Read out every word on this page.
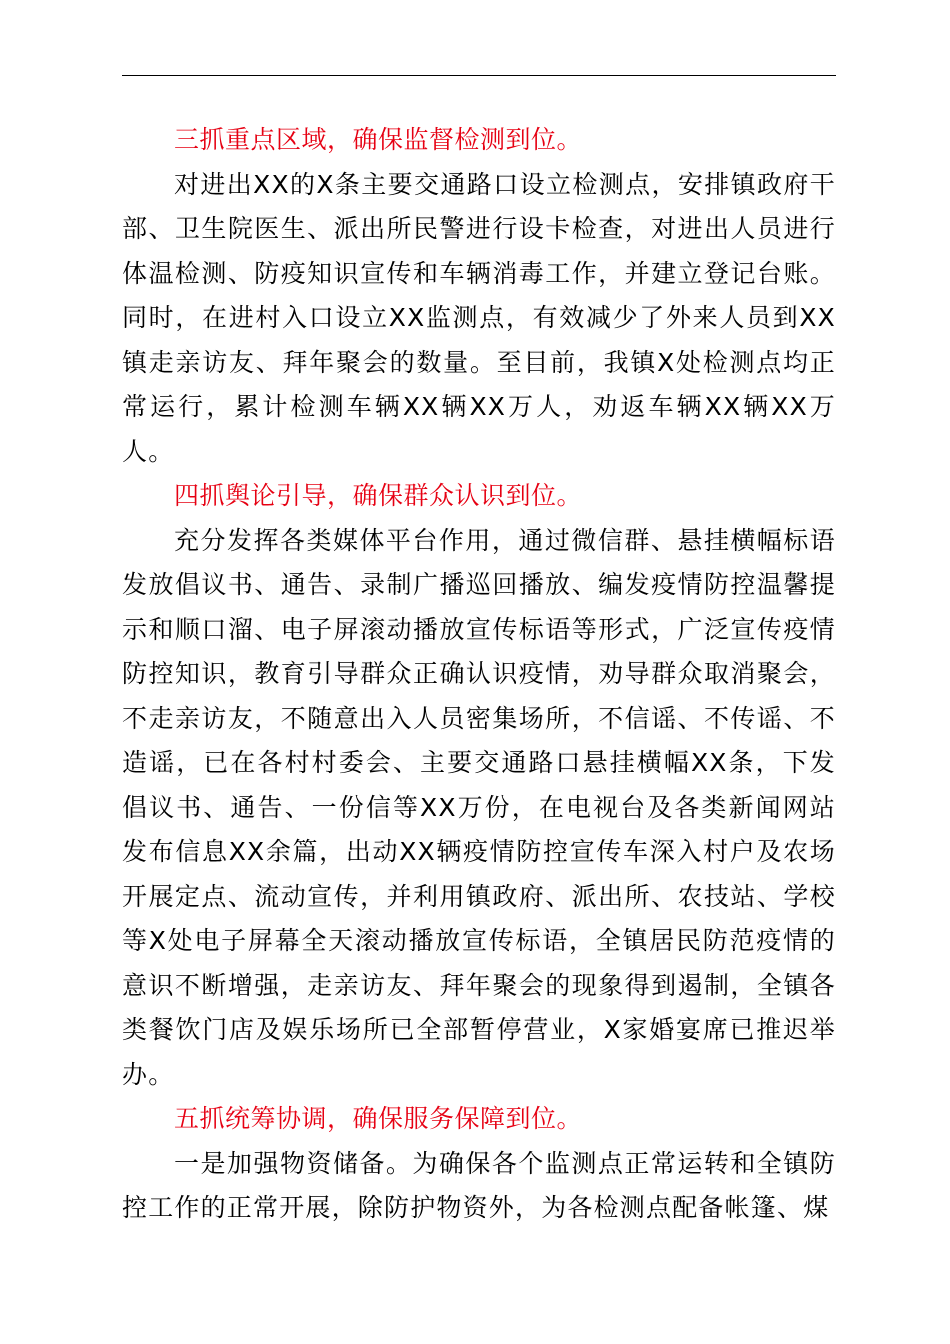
三抓重点区域，确保监督检测到位。

对进出XX的X条主要交通路口设立检测点，安排镇政府干部、卫生院医生、派出所民警进行设卡检查，对进出人员进行体温检测、防疫知识宣传和车辆消毒工作，并建立登记台账。同时，在进村入口设立XX监测点，有效减少了外来人员到XX镇走亲访友、拜年聚会的数量。至目前，我镇X处检测点均正常运行，累计检测车辆XX辆XX万人，劝返车辆XX辆XX万人。

四抓舆论引导，确保群众认识到位。

充分发挥各类媒体平台作用，通过微信群、悬挂横幅标语发放倡议书、通告、录制广播巡回播放、编发疫情防控温馨提示和顺口溜、电子屏滚动播放宣传标语等形式，广泛宣传疫情防控知识，教育引导群众正确认识疫情，劝导群众取消聚会，不走亲访友，不随意出入人员密集场所，不信谣、不传谣、不造谣，已在各村村委会、主要交通路口悬挂横幅XX条，下发倡议书、通告、一份信等XX万份，在电视台及各类新闻网站发布信息XX余篇，出动XX辆疫情防控宣传车深入村户及农场开展定点、流动宣传，并利用镇政府、派出所、农技站、学校等X处电子屏幕全天滚动播放宣传标语，全镇居民防范疫情的意识不断增强，走亲访友、拜年聚会的现象得到遏制，全镇各类餐饮门店及娱乐场所已全部暂停营业，X家婚宴席已推迟举办。

五抓统筹协调，确保服务保障到位。

一是加强物资储备。为确保各个监测点正常运转和全镇防控工作的正常开展，除防护物资外，为各检测点配备帐篷、煤
